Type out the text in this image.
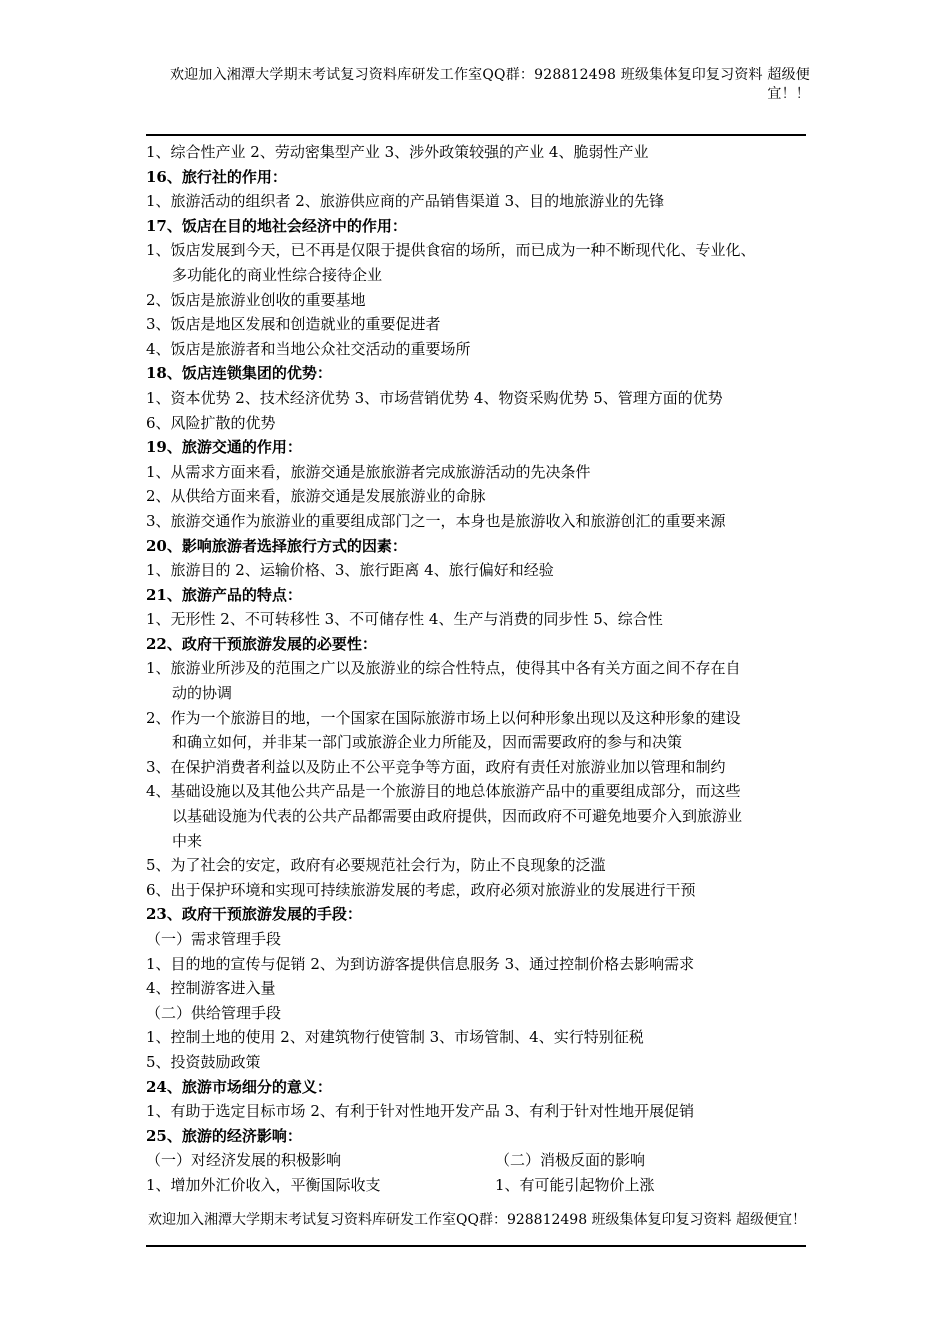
欢迎加入湘潭大学期末考试复习资料库研发工作室QQ群：928812498 班级集体复印复习资料 超级便
宜！！
1、综合性产业 2、劳动密集型产业 3、涉外政策较强的产业 4、脆弱性产业
16、旅行社的作用：
1、旅游活动的组织者 2、旅游供应商的产品销售渠道 3、目的地旅游业的先锋
17、饭店在目的地社会经济中的作用：
1、饭店发展到今天，已不再是仅限于提供食宿的场所，而已成为一种不断现代化、专业化、
多功能化的商业性综合接待企业
2、饭店是旅游业创收的重要基地
3、饭店是地区发展和创造就业的重要促进者
4、饭店是旅游者和当地公众社交活动的重要场所
18、饭店连锁集团的优势：
1、资本优势 2、技术经济优势 3、市场营销优势 4、物资采购优势 5、管理方面的优势
6、风险扩散的优势
19、旅游交通的作用：
1、从需求方面来看，旅游交通是旅旅游者完成旅游活动的先决条件
2、从供给方面来看，旅游交通是发展旅游业的命脉
3、旅游交通作为旅游业的重要组成部门之一，本身也是旅游收入和旅游创汇的重要来源
20、影响旅游者选择旅行方式的因素：
1、旅游目的 2、运输价格、3、旅行距离 4、旅行偏好和经验
21、旅游产品的特点：
1、无形性 2、不可转移性 3、不可储存性 4、生产与消费的同步性 5、综合性
22、政府干预旅游发展的必要性：
1、旅游业所涉及的范围之广以及旅游业的综合性特点，使得其中各有关方面之间不存在自
动的协调
2、作为一个旅游目的地，一个国家在国际旅游市场上以何种形象出现以及这种形象的建设
和确立如何，并非某一部门或旅游企业力所能及，因而需要政府的参与和决策
3、在保护消费者利益以及防止不公平竞争等方面，政府有责任对旅游业加以管理和制约
4、基础设施以及其他公共产品是一个旅游目的地总体旅游产品中的重要组成部分，而这些
以基础设施为代表的公共产品都需要由政府提供，因而政府不可避免地要介入到旅游业
中来
5、为了社会的安定，政府有必要规范社会行为，防止不良现象的泛滥
6、出于保护环境和实现可持续旅游发展的考虑，政府必须对旅游业的发展进行干预
23、政府干预旅游发展的手段：
（一）需求管理手段
1、目的地的宣传与促销 2、为到访游客提供信息服务 3、通过控制价格去影响需求
4、控制游客进入量
（二）供给管理手段
1、控制土地的使用 2、对建筑物行使管制 3、市场管制、4、实行特别征税
5、投资鼓励政策
24、旅游市场细分的意义：
1、有助于选定目标市场 2、有利于针对性地开发产品 3、有利于针对性地开展促销
25、旅游的经济影响：
（一）对经济发展的积极影响	（二）消极反面的影响
1、增加外汇价收入，平衡国际收支	1、有可能引起物价上涨
欢迎加入湘潭大学期末考试复习资料库研发工作室QQ群：928812498 班级集体复印复习资料 超级便宜！
